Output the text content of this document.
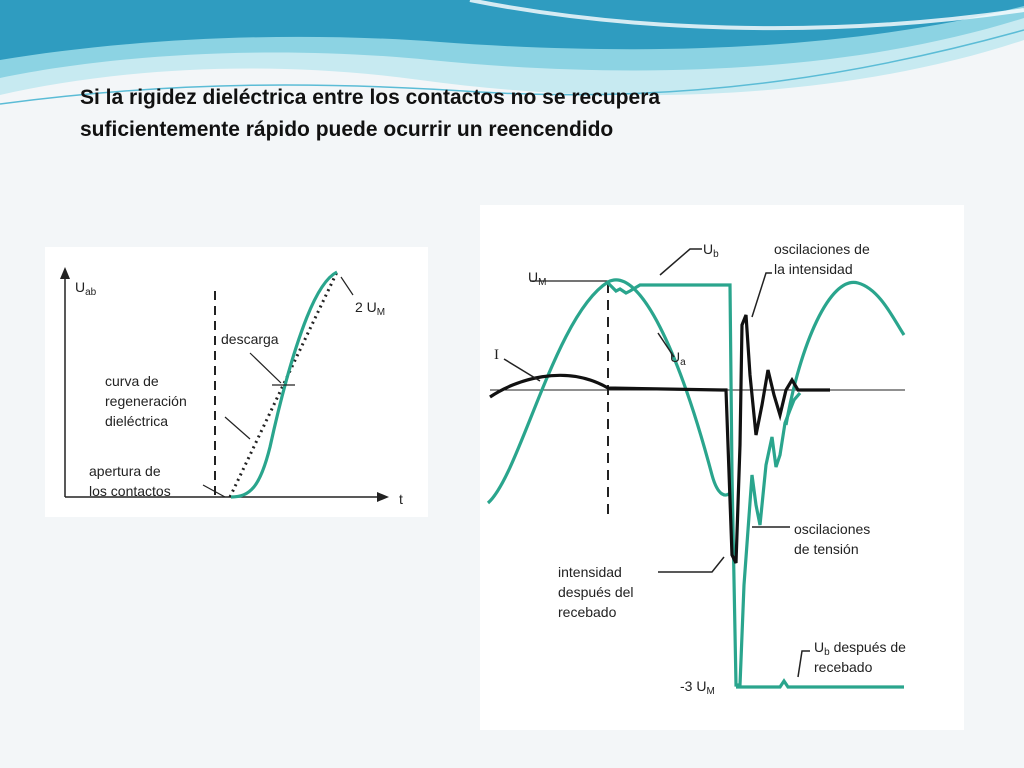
Si la rigidez dieléctrica entre los contactos no se recupera
suficientemente rápido puede ocurrir un reencendido
$U_{ab}$
t
2 $U_M$
descarga
curva de
regeneración
dieléctrica
apertura de
los contactos
$U_M$
$U_b$	oscilaciones de
la intensidad
I	$U_a$
oscilaciones
de tensión
intensidad
después del
recebado
$U_b$ después de
recebado
-3 $U_M$
